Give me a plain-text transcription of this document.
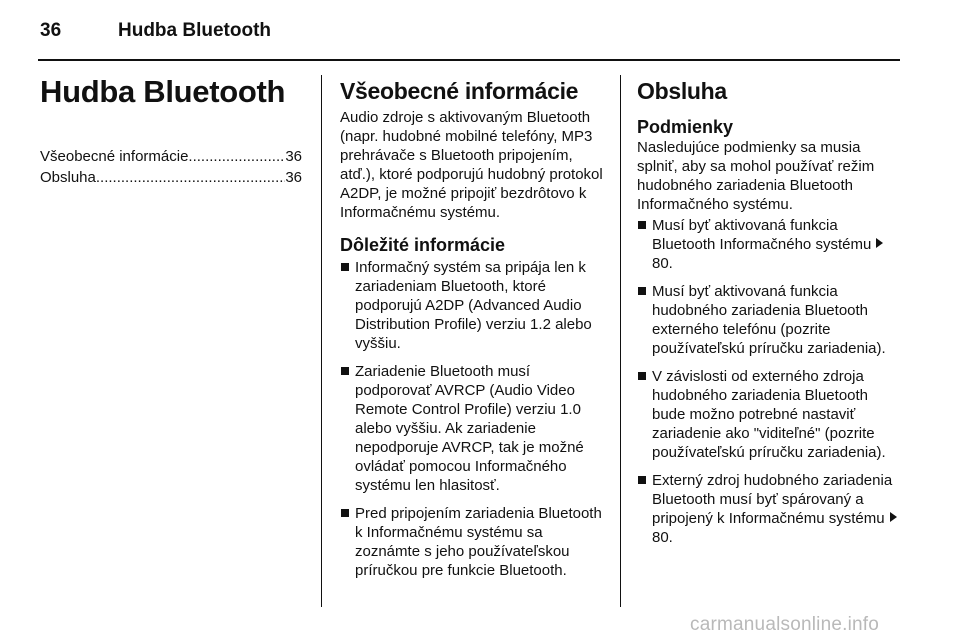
36	Hudba Bluetooth
Hudba Bluetooth
Všeobecné informácie .....	36
Obsluha .....	36
Všeobecné informácie

Audio zdroje s aktivovaným Bluetooth (napr. hudobné mobilné telefóny, MP3 prehrávače s Bluetooth pripojením, atď.), ktoré podporujú hudobný protokol A2DP, je možné pripojiť bezdrôtovo k Informačnému systému.

Dôležité informácie
Informačný systém sa pripája len k zariadeniam Bluetooth, ktoré podporujú A2DP (Advanced Audio Distribution Profile) verziu 1.2 alebo vyššiu.
Zariadenie Bluetooth musí podporovať AVRCP (Audio Video Remote Control Profile) verziu 1.0 alebo vyššiu. Ak zariadenie nepodporuje AVRCP, tak je možné ovládať pomocou Informačného systému len hlasitosť.
Pred pripojením zariadenia Bluetooth k Informačnému systému sa zoznámte s jeho používateľskou príručkou pre funkcie Bluetooth.
Obsluha
Podmienky

Nasledujúce podmienky sa musia splniť, aby sa mohol používať režim hudobného zariadenia Bluetooth Informačného systému.

Musí byť aktivovaná funkcia Bluetooth Informačného systému 80.
Musí byť aktivovaná funkcia hudobného zariadenia Bluetooth externého telefónu (pozrite používateľskú príručku zariadenia).
V závislosti od externého zdroja hudobného zariadenia Bluetooth bude možno potrebné nastaviť zariadenie ako "viditeľné" (pozrite používateľskú príručku zariadenia).
Externý zdroj hudobného zariadenia Bluetooth musí byť spárovaný a pripojený k Informačnému systému 80.
carmanualsonline.info
